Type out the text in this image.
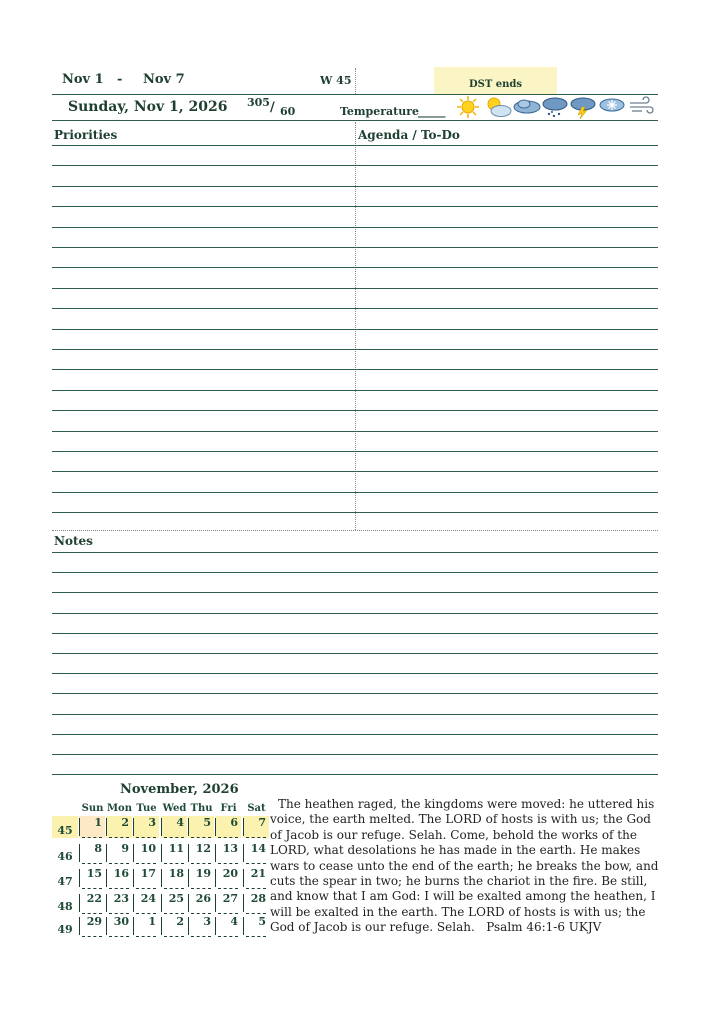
Nov 1 - Nov 7	W 45	DST ends
Sunday, Nov 1, 2026 305 / 60	Temperature
_____
Priorities	Agenda / To-Do
Notes
November, 2026
Sun Mon Tue Wed Thu Fri	Sat
45
1	2	3	4	5	6	7
46
8	9	10	11	12	13	14
47
15	16	17	18	19	20	21
48
22	23	24	25	26	27	28
49
29	30	1	2	3	4	5
The heathen raged, the kingdoms were moved: he uttered his voice, the earth melted. The LORD of hosts is with us; the God of Jacob is our refuge. Selah. Come, behold the works of the LORD, what desolations he has made in the earth. He makes wars to cease unto the end of the earth; he breaks the bow, and cuts the spear in two; he burns the chariot in the fire. Be still, and know that I am God: I will be exalted among the heathen, I will be exalted in the earth. The LORD of hosts is with us; the God of Jacob is our refuge. Selah. Psalm 46:1-6 UKJV
